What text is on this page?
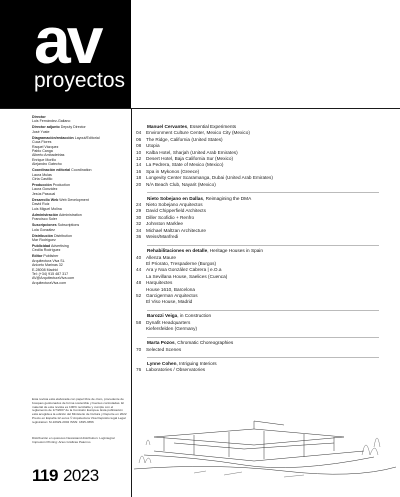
av
proyectos
Director
Luis Fernández-Galiano
Director adjunto Deputy Director
José Yuste
Diagramación/redacción Layout/Editorial
Cuca Flores
Raquel Vázquez
Pablo Canga
Alberto Ambadetrias
Enrique Morillo
Alejandro Gatecho
Coordinación editorial Coordination
Laura Mulas
Cirta Castillo
Producción Production
Laura González
Jesús Pascual
Desarrollo Web Web Development
David Ruiz
Luis Miguel Molina
Administración Administration
Francisco Soler
Suscripciones Subscriptions
Lola González
Distribución Distribution
Mar Rodríguez
Publicidad Advertising
Cecilia Rodríguez
Editor Publisher
Arquitectura Viva SL
Aniceto Marinas 32
E-28008 Madrid
Tel: (+34) 915 487 317
AV@ArquitecturaViva.com
ArquitecturaViva.com
Esta revista está elaborada con papel libre de cloro, procedente de bosques gestionados de forma sostenible y fuentes controladas. El material de esta revista es 100% reciclable y cumple con el reglamento de 1/7/2007 de la Comisión Europea. Esta publicación está acogida a la edición del Ministerio de Cultura y Deporte en 2022
Precio en España 12 euros © Arquitectura Viva Depósito legal Legal registration: M-10629-2004 ISSN: 1695-3656
Distribución en quioscos Newsstand distribution: Logintegral Impresión Printing: Artes Gráficas Palermo
119 2023
Manuel Cervantes, Essential Experiments
04 Environment Culture Center, Mexico City (Mexico)
06 The Ridge, California (United States)
08 Utopia
10 Kalba Hotel, Sharjah (United Arab Emirates)
12 Desert Hotel, Baja California Sur (Mexico)
14 La Pedrera, State of Mexico (Mexico)
16 Spa in Mykonos (Greece)
18 Longevity Center Scaramanga, Dubai (United Arab Emirates)
20 N/A Beach Club, Nayarit (Mexico)
Nieto Sobejano en Dallas, Reimagining the DMA
24 Nieto Sobejano Arquitectos
29 David Chipperfield Architects
30 Diller Scofidio + Renfro
32 Johnston Marklee
34 Michael Maltzan Architecture
36 Weiss/Manfredi
Rehabilitaciones en detalle, Heritage Houses in Spain
40 Allenza Maure
El Priorato, Trespaderne (Burgos)
44 Ara y Noa González Cabrera | e.O.a
La Sevillana House, Saelices (Cuenca)
48 Harquitectes
House 1610, Barcelona
52 Garcigerman Arquitectos
El Viso House, Madrid
Barozzi Veiga, in Construction
58 Dynafit Headquarters
Kiefersfelden (Germany)
Marta Pozos, Chromatic Choreographies
70 Selected Scenes
Lynne Cohen, Intriguing Interiors
76 Laboratories / Observatories
